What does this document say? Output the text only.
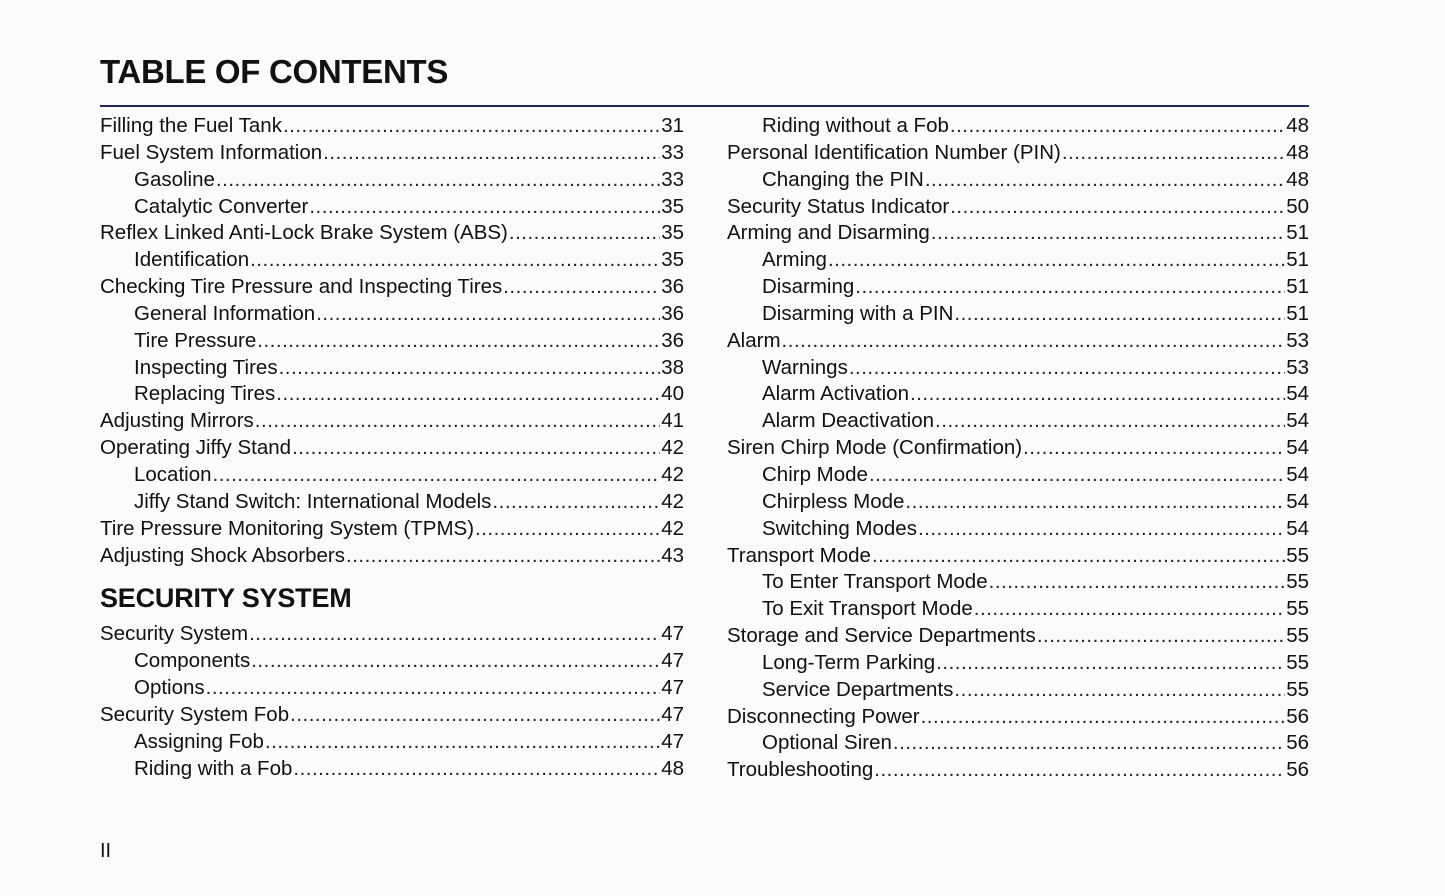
TABLE OF CONTENTS
Filling the Fuel Tank .....	31
Fuel System Information .....	33
Gasoline .....	33
Catalytic Converter .....	35
Reflex Linked Anti-Lock Brake System (ABS) .....	35
Identification .....	35
Checking Tire Pressure and Inspecting Tires .....	36
General Information .....	36
Tire Pressure .....	36
Inspecting Tires .....	38
Replacing Tires .....	40
Adjusting Mirrors .....	41
Operating Jiffy Stand .....	42
Location .....	42
Jiffy Stand Switch: International Models .....	42
Tire Pressure Monitoring System (TPMS) .....	42
Adjusting Shock Absorbers .....	43
SECURITY SYSTEM
Security System .....	47
Components .....	47
Options .....	47
Security System Fob .....	47
Assigning Fob .....	47
Riding with a Fob .....	48
Riding without a Fob .....	48
Personal Identification Number (PIN) .....	48
Changing the PIN .....	48
Security Status Indicator .....	50
Arming and Disarming .....	51
Arming .....	51
Disarming .....	51
Disarming with a PIN .....	51
Alarm .....	53
Warnings .....	53
Alarm Activation .....	54
Alarm Deactivation .....	54
Siren Chirp Mode (Confirmation) .....	54
Chirp Mode .....	54
Chirpless Mode .....	54
Switching Modes .....	54
Transport Mode .....	55
To Enter Transport Mode .....	55
To Exit Transport Mode .....	55
Storage and Service Departments .....	55
Long-Term Parking .....	55
Service Departments .....	55
Disconnecting Power .....	56
Optional Siren .....	56
Troubleshooting .....	56
II
